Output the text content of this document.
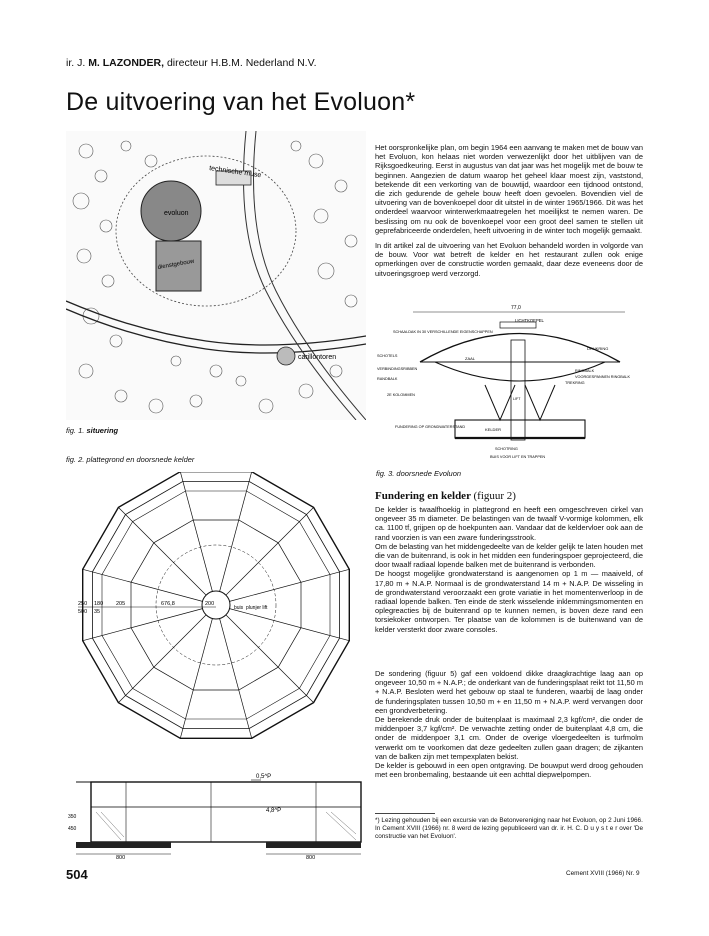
ir. J. M. LAZONDER, directeur H.B.M. Nederland N.V.
De uitvoering van het Evoluon*
technische muse
evoluon
dienstgebouw
carillontoren
fig. 1. situering
77,0
LICHTKOEPEL
SCHAALDAK IN 30 VERSCHILLENDE EIGENSCHAPPEN
DRUKRING
ZAAL
SCHOTELS
VERBINDINGSRIBBEN	RINGBALK
VOORGESPANNEN RINGBALK
RANDBALK
TREKRING
LIFT
2E KOLOMMEN
KELDER
FUNDERING OP GRONDWATERSTAND
SCHOTRING
BUIS VOOR LIFT EN TRAPPEN
fig. 3. doorsnede Evoluon
fig. 2. plattegrond en doorsnede kelder
250 180 205	676,8	200
500 35
buis plunjer lift
0,5^P
4,8^P
350
450
800	800

Het oorspronkelijke plan, om begin 1964 een aanvang te maken met de bouw van het Evoluon, kon helaas niet worden verwezenlijkt door het uitblijven van de Rijksgoedkeuring. Eerst in augustus van dat jaar was het mogelijk met de bouw te beginnen. Aangezien de datum waarop het geheel klaar moest zijn, vaststond, betekende dit een verkorting van de bouwtijd, waardoor een tijdnood ontstond, die zich gedurende de gehele bouw heeft doen gevoelen. Bovendien viel de uitvoering van de bovenkoepel door dit uitstel in de winter 1965/1966. Dit was het onderdeel waarvoor winterwerkmaatregelen het moeilijkst te nemen waren. De beslissing om nu ook de bovenkoepel voor een groot deel samen te stellen uit geprefabriceerde onderdelen, heeft uitvoering in de winter toch mogelijk gemaakt.

In dit artikel zal de uitvoering van het Evoluon behandeld worden in volgorde van de bouw. Voor wat betreft de kelder en het restaurant zullen ook enige opmerkingen over de constructie worden gemaakt, daar deze eveneens door de uitvoeringsgroep werd verzorgd.

Fundering en kelder (figuur 2)

De kelder is twaalfhoekig in plattegrond en heeft een omgeschreven cirkel van ongeveer 35 m diameter. De belastingen van de twaalf V-vormige kolommen, elk ca. 1100 tf, grijpen op de hoekpunten aan. Vandaar dat de keldervloer ook aan de rand voorzien is van een zware funderingsstrook.

Om de belasting van het middengedeelte van de kelder gelijk te laten houden met die van de buitenrand, is ook in het midden een funderingspoer geprojecteerd, die door twaalf radiaal lopende balken met de buitenrand is verbonden.

De hoogst mogelijke grondwaterstand is aangenomen op 1 m — maaiveld, of 17,80 m + N.A.P. Normaal is de grondwaterstand 14 m + N.A.P. De wisseling in de grondwaterstand veroorzaakt een grote variatie in het momentenverloop in de radiaal lopende balken. Ten einde de sterk wisselende inklemmingsmomenten en oplegreacties bij de buitenrand op te kunnen nemen, is boven deze rand een torsiekoker ontworpen. Ter plaatse van de kolommen is de buitenwand van de kelder versterkt door zware consoles.

De sondering (figuur 5) gaf een voldoend dikke draagkrachtige laag aan op ongeveer 10,50 m + N.A.P.; de onderkant van de funderingsplaat reikt tot 11,50 m + N.A.P. Besloten werd het gebouw op staal te funderen, waarbij de laag onder de funderingsplaten tussen 10,50 m + en 11,50 m + N.A.P. werd vervangen door een grondverbetering.

De berekende druk onder de buitenplaat is maximaal 2,3 kgf/cm², die onder de middenpoer 3,7 kgf/cm². De verwachte zetting onder de buitenplaat 4,8 cm, die onder de middenpoer 3,1 cm. Onder de overige vloergedeelten is turfmolm verwerkt om te voorkomen dat deze gedeelten zullen gaan dragen; de zijkanten van de balken zijn met tempexplaten bekist.

De kelder is gebouwd in een open ontgraving. De bouwput werd droog gehouden met een bronbemaling, bestaande uit een achttal diepwelpompen.

*) Lezing gehouden bij een excursie van de Betonvereniging naar het Evoluon, op 2 Juni 1966.
In Cement XVIII (1966) nr. 8 werd de lezing gepubliceerd van dr. ir. H. C. D u y s t e r over 'De constructie van het Evoluon'.
504	Cement XVIII (1966) Nr. 9
